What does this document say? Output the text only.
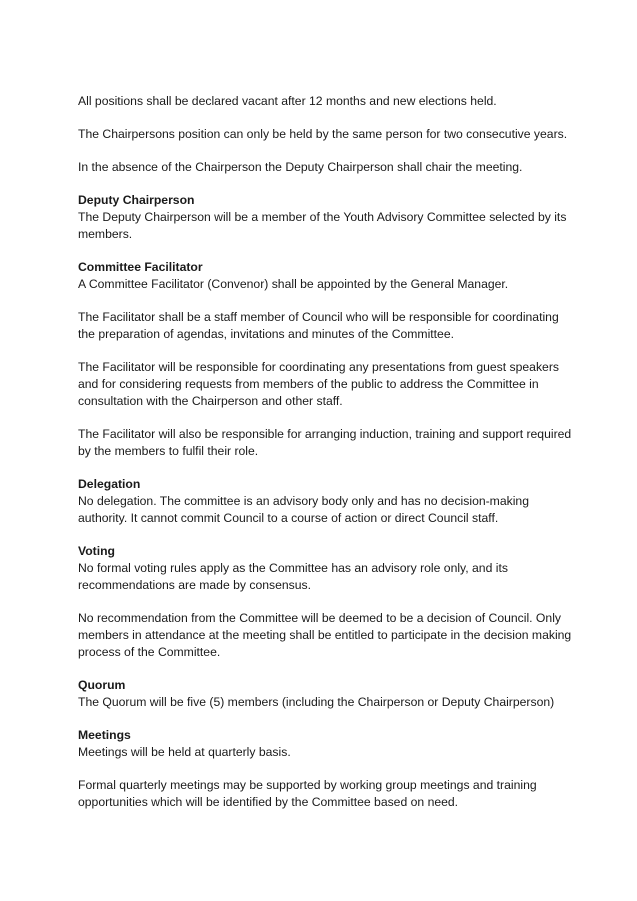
All positions shall be declared vacant after 12 months and new elections held.

The Chairpersons position can only be held by the same person for two consecutive years.

In the absence of the Chairperson the Deputy Chairperson shall chair the meeting.

Deputy Chairperson

The Deputy Chairperson will be a member of the Youth Advisory Committee selected by its members.

Committee Facilitator

A Committee Facilitator (Convenor) shall be appointed by the General Manager.

The Facilitator shall be a staff member of Council who will be responsible for coordinating the preparation of agendas, invitations and minutes of the Committee.

The Facilitator will be responsible for coordinating any presentations from guest speakers and for considering requests from members of the public to address the Committee in consultation with the Chairperson and other staff.

The Facilitator will also be responsible for arranging induction, training and support required by the members to fulfil their role.

Delegation

No delegation. The committee is an advisory body only and has no decision-making authority. It cannot commit Council to a course of action or direct Council staff.

Voting

No formal voting rules apply as the Committee has an advisory role only, and its recommendations are made by consensus.

No recommendation from the Committee will be deemed to be a decision of Council. Only members in attendance at the meeting shall be entitled to participate in the decision making process of the Committee.

Quorum

The Quorum will be five (5) members (including the Chairperson or Deputy Chairperson)

Meetings

Meetings will be held at quarterly basis.

Formal quarterly meetings may be supported by working group meetings and training opportunities which will be identified by the Committee based on need.
